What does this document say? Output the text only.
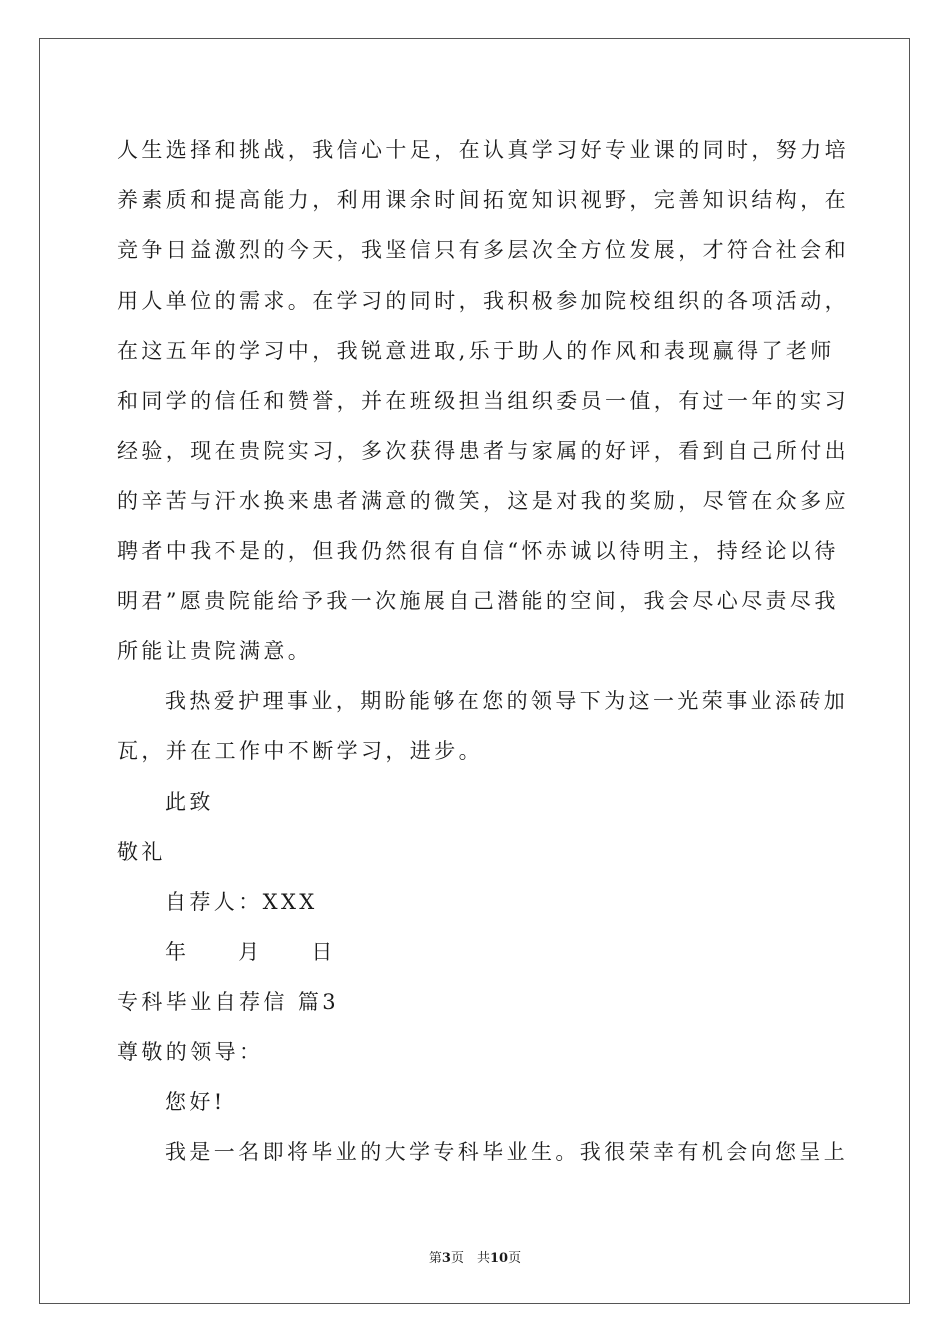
人生选择和挑战，我信心十足，在认真学习好专业课的同时，努力培
养素质和提高能力，利用课余时间拓宽知识视野，完善知识结构，在
竞争日益激烈的今天，我坚信只有多层次全方位发展，才符合社会和
用人单位的需求。在学习的同时，我积极参加院校组织的各项活动，
在这五年的学习中，我锐意进取,乐于助人的作风和表现赢得了老师
和同学的信任和赞誉，并在班级担当组织委员一值，有过一年的实习
经验，现在贵院实习，多次获得患者与家属的好评，看到自己所付出
的辛苦与汗水换来患者满意的微笑，这是对我的奖励，尽管在众多应
聘者中我不是的，但我仍然很有自信“怀赤诚以待明主，持经论以待
明君”愿贵院能给予我一次施展自己潜能的空间，我会尽心尽责尽我
所能让贵院满意。
我热爱护理事业，期盼能够在您的领导下为这一光荣事业添砖加
瓦，并在工作中不断学习，进步。
此致
敬礼
自荐人：XXX
年　　月　　日
专科毕业自荐信 篇3
尊敬的领导：
您好!
我是一名即将毕业的大学专科毕业生。我很荣幸有机会向您呈上
第3页　共10页
